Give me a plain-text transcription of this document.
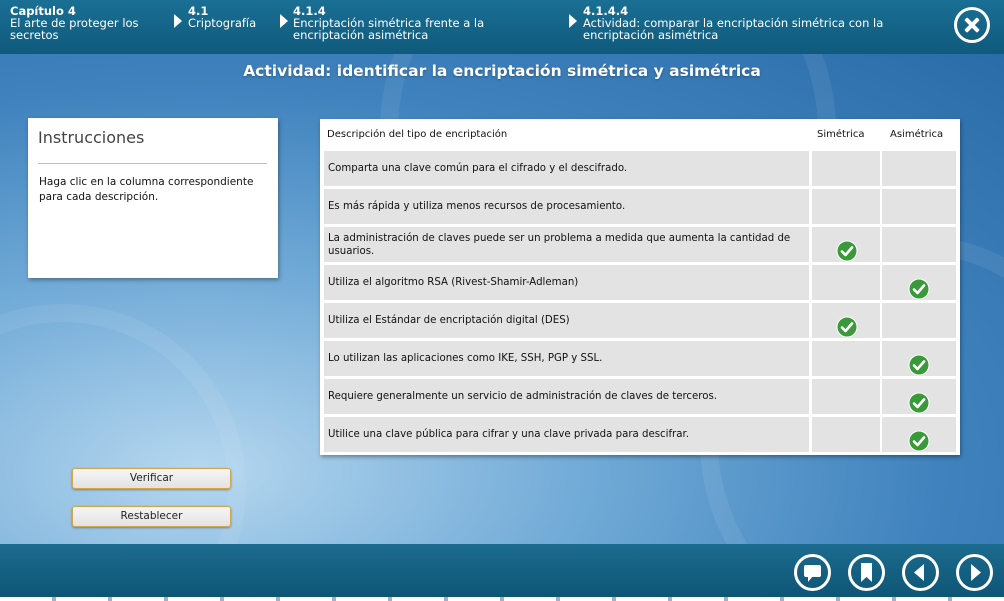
Capítulo 4
El arte de proteger los secretos
4.1
Criptografía
4.1.4
Encriptación simétrica frente a la encriptación asimétrica
4.1.4.4
Actividad: comparar la encriptación simétrica con la encriptación asimétrica
Actividad: identificar la encriptación simétrica y asimétrica
Instrucciones
Haga clic en la columna correspondiente para cada descripción.
Descripción del tipo de encriptación	Simétrica	Asimétrica
Comparta una clave común para el cifrado y el descifrado.
Es más rápida y utiliza menos recursos de procesamiento.
La administración de claves puede ser un problema a medida que aumenta la cantidad de usuarios.
Utiliza el algoritmo RSA (Rivest-Shamir-Adleman)
Utiliza el Estándar de encriptación digital (DES)
Lo utilizan las aplicaciones como IKE, SSH, PGP y SSL.
Requiere generalmente un servicio de administración de claves de terceros.
Utilice una clave pública para cifrar y una clave privada para descifrar.
Verificar
Restablecer
